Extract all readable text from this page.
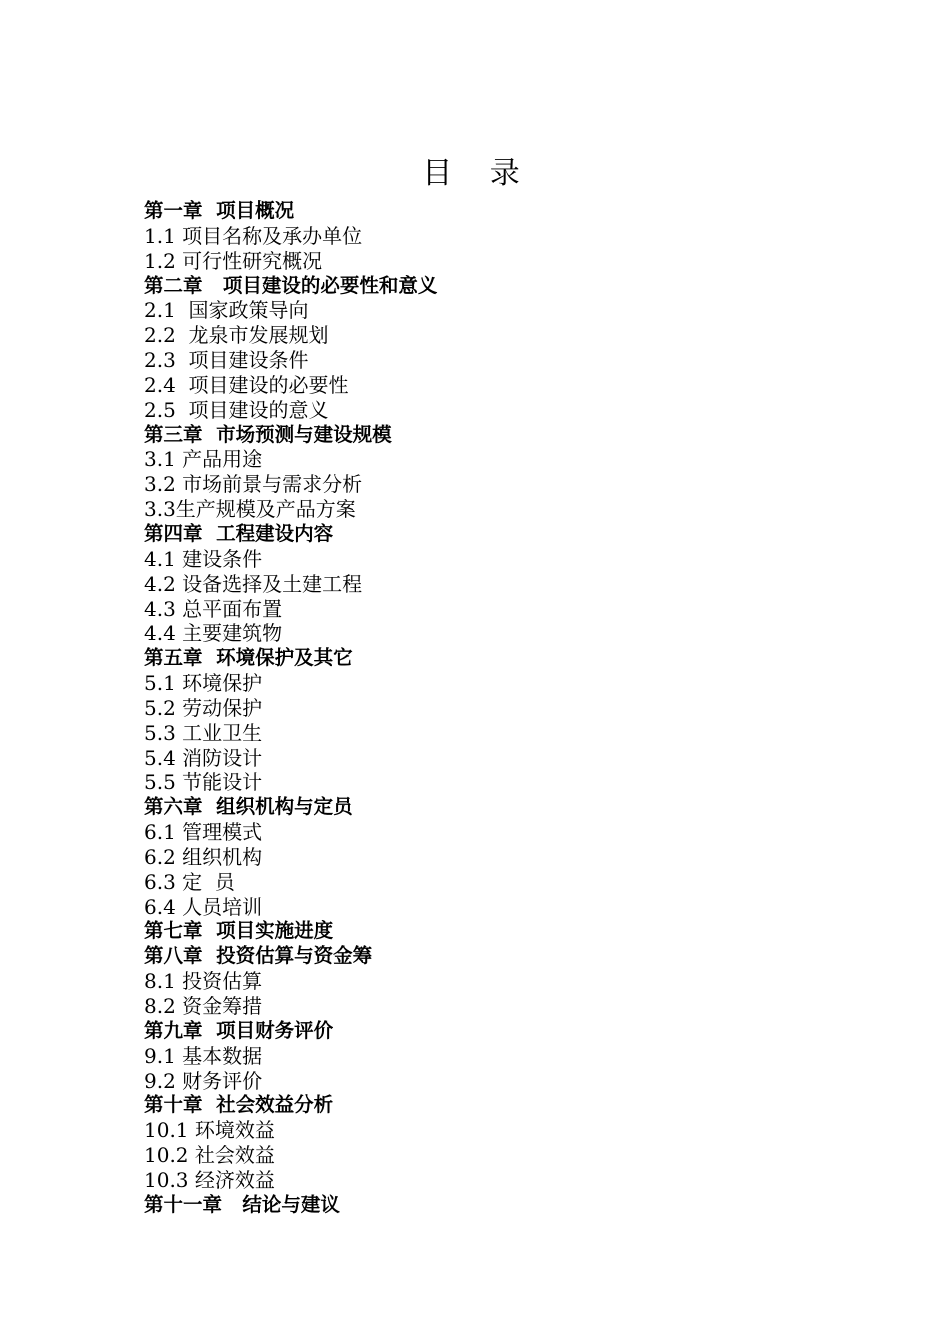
目 录
第一章  项目概况
1.1 项目名称及承办单位
1.2 可行性研究概况
第二章   项目建设的必要性和意义
2.1  国家政策导向
2.2  龙泉市发展规划
2.3  项目建设条件
2.4  项目建设的必要性
2.5  项目建设的意义
第三章  市场预测与建设规模
3.1 产品用途
3.2 市场前景与需求分析
3.3生产规模及产品方案
第四章  工程建设内容
4.1 建设条件
4.2 设备选择及土建工程
4.3 总平面布置
4.4 主要建筑物
第五章  环境保护及其它
5.1 环境保护
5.2 劳动保护
5.3 工业卫生
5.4 消防设计
5.5 节能设计
第六章  组织机构与定员
6.1 管理模式
6.2 组织机构
6.3 定  员
6.4 人员培训
第七章  项目实施进度
第八章  投资估算与资金筹
8.1 投资估算
8.2 资金筹措
第九章  项目财务评价
9.1 基本数据
9.2 财务评价
第十章  社会效益分析
10.1 环境效益
10.2 社会效益
10.3 经济效益
第十一章   结论与建议
